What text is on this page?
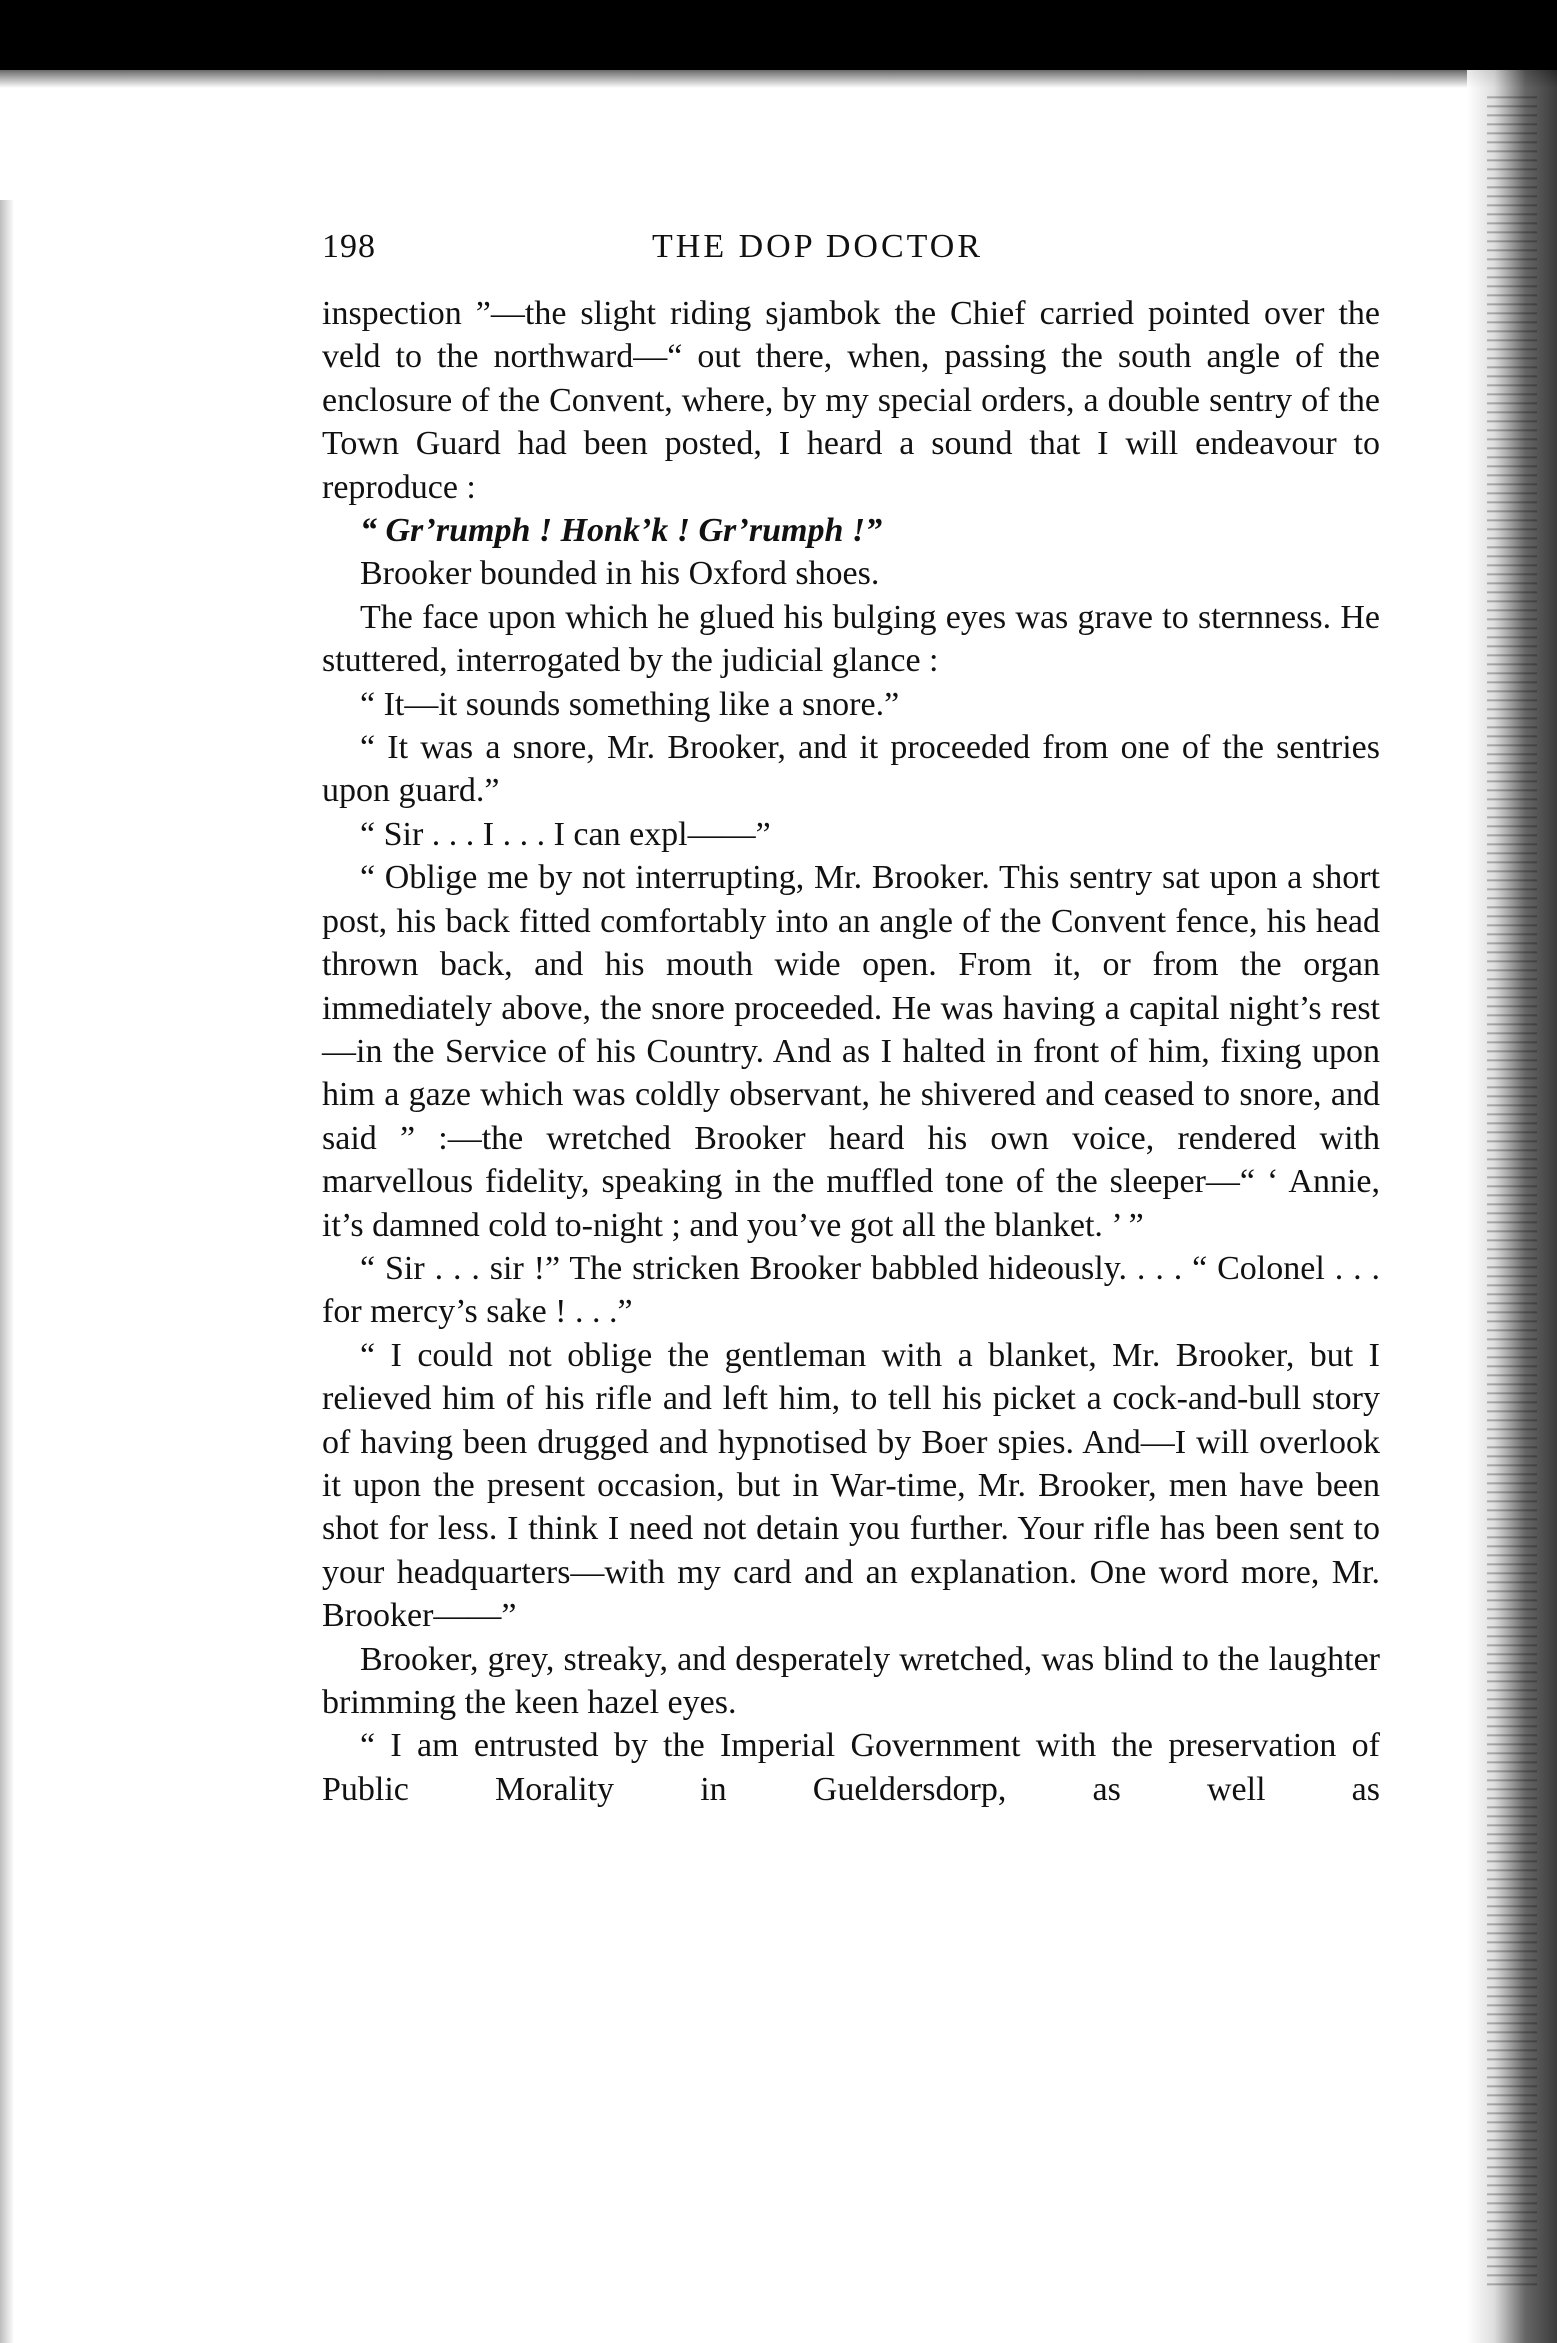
198	THE DOP DOCTOR

inspection ”—the slight riding sjambok the Chief carried pointed over the veld to the northward—“ out there, when, passing the south angle of the enclosure of the Convent, where, by my special orders, a double sentry of the Town Guard had been posted, I heard a sound that I will endeavour to reproduce :

“ Gr’rumph ! Honk’k ! Gr’rumph !”

Brooker bounded in his Oxford shoes.

The face upon which he glued his bulging eyes was grave to sternness. He stuttered, interrogated by the judicial glance :

“ It—it sounds something like a snore.”

“ It was a snore, Mr. Brooker, and it proceeded from one of the sentries upon guard.”

“ Sir . . . I . . . I can expl——”

“ Oblige me by not interrupting, Mr. Brooker. This sentry sat upon a short post, his back fitted comfortably into an angle of the Convent fence, his head thrown back, and his mouth wide open. From it, or from the organ immediately above, the snore proceeded. He was having a capital night’s rest—in the Service of his Country. And as I halted in front of him, fixing upon him a gaze which was coldly observant, he shivered and ceased to snore, and said ” :—the wretched Brooker heard his own voice, rendered with marvellous fidelity, speaking in the muffled tone of the sleeper—“ ‘ Annie, it’s damned cold to-night ; and you’ve got all the blanket. ’ ”

“ Sir . . . sir !” The stricken Brooker babbled hideously. . . . “ Colonel . . . for mercy’s sake ! . . .”

“ I could not oblige the gentleman with a blanket, Mr. Brooker, but I relieved him of his rifle and left him, to tell his picket a cock-and-bull story of having been drugged and hypnotised by Boer spies. And—I will overlook it upon the present occasion, but in War-time, Mr. Brooker, men have been shot for less. I think I need not detain you further. Your rifle has been sent to your headquarters—with my card and an explanation. One word more, Mr. Brooker——”

Brooker, grey, streaky, and desperately wretched, was blind to the laughter brimming the keen hazel eyes.

“ I am entrusted by the Imperial Government with the preservation of Public Morality in Gueldersdorp, as well as
